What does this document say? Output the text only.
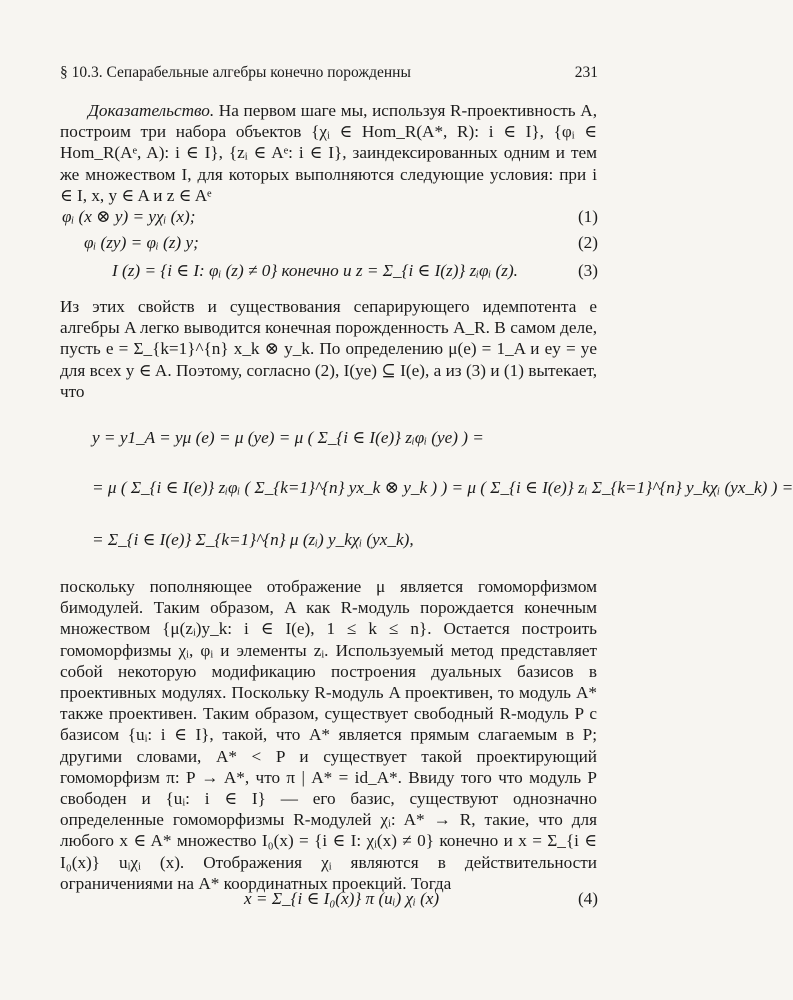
§ 10.3. Сепарабельные алгебры конечно порожденны	231
Доказательство. На первом шаге мы, используя R-проективность A, построим три набора объектов {χᵢ ∈ Hom_R(A*, R): i ∈ I}, {φᵢ ∈ Hom_R(Aᵉ, A): i ∈ I}, {zᵢ ∈ Aᵉ: i ∈ I}, заиндексированных одним и тем же множеством I, для которых выполняются следующие условия: при i ∈ I, x, y ∈ A и z ∈ Aᵉ
φᵢ (x ⊗ y) = yχᵢ (x);	(1)
φᵢ (zy) = φᵢ (z) y;	(2)
I (z) = {i ∈ I: φᵢ (z) ≠ 0} конечно и z = Σ_{i ∈ I(z)} zᵢφᵢ (z).	(3)
Из этих свойств и существования сепарирующего идемпотента e алгебры A легко выводится конечная порожденность A_R. В самом деле, пусть e = Σ_{k=1}^{n} x_k ⊗ y_k. По определению μ(e) = 1_A и ey = ye для всех y ∈ A. Поэтому, согласно (2), I(ye) ⊆ I(e), а из (3) и (1) вытекает, что
y = y1_A = yμ (e) = μ (ye) = μ ( Σ_{i ∈ I(e)} zᵢφᵢ (ye) ) =
= μ ( Σ_{i ∈ I(e)} zᵢφᵢ ( Σ_{k=1}^{n} yx_k ⊗ y_k ) ) = μ ( Σ_{i ∈ I(e)} zᵢ Σ_{k=1}^{n} y_kχᵢ (yx_k) ) =
= Σ_{i ∈ I(e)} Σ_{k=1}^{n} μ (zᵢ) y_kχᵢ (yx_k),
поскольку пополняющее отображение μ является гомоморфизмом бимодулей. Таким образом, A как R-модуль порождается конечным множеством {μ(zᵢ)y_k: i ∈ I(e), 1 ≤ k ≤ n}. Остается построить гомоморфизмы χᵢ, φᵢ и элементы zᵢ. Используемый метод представляет собой некоторую модификацию построения дуальных базисов в проективных модулях. Поскольку R-модуль A проективен, то модуль A* также проективен. Таким образом, существует свободный R-модуль P с базисом {uᵢ: i ∈ I}, такой, что A* является прямым слагаемым в P; другими словами, A* < P и существует такой проектирующий гомоморфизм π: P → A*, что π | A* = id_A*. Ввиду того что модуль P свободен и {uᵢ: i ∈ I} — его базис, существуют однозначно определенные гомоморфизмы R-модулей χᵢ: A* → R, такие, что для любого x ∈ A* множество I₀(x) = {i ∈ I: χᵢ(x) ≠ 0} конечно и x = Σ_{i ∈ I₀(x)} uᵢχᵢ (x). Отображения χᵢ являются в действительности ограничениями на A* координатных проекций. Тогда
x = Σ_{i ∈ I₀(x)} π (uᵢ) χᵢ (x)	(4)
